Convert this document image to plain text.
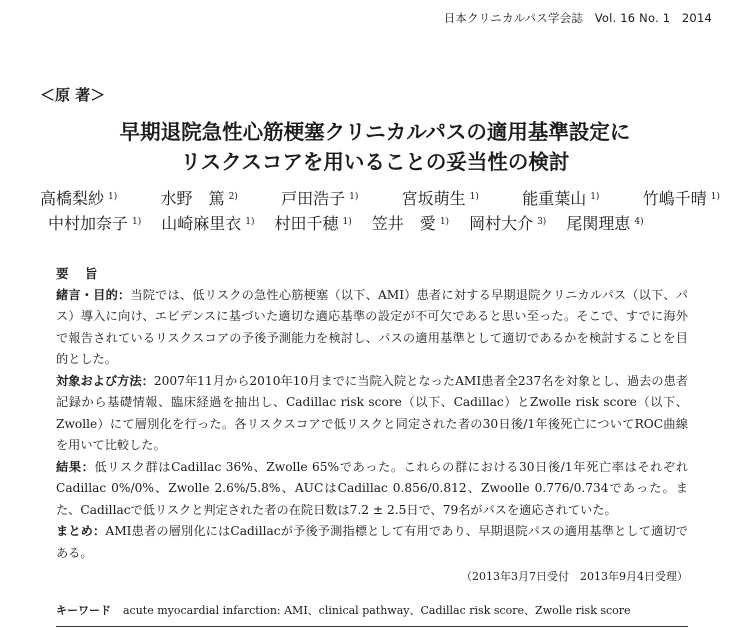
日本クリニカルパス学会誌　Vol. 16 No. 1　2014
＜原 著＞
早期退院急性心筋梗塞クリニカルパスの適用基準設定に
リスクスコアを用いることの妥当性の検討
高橋梨紗 $^{1)}$	水野　篤 $^{2)}$	戸田浩子 $^{1)}$	宮坂萌生 $^{1)}$	能重葉山 $^{1)}$	竹嶋千晴 $^{1)}$
中村加奈子 $^{1)}$ 山崎麻里衣 $^{1)}$ 村田千穂 $^{1)}$ 笠井　愛 $^{1)}$ 岡村大介 $^{3)}$ 尾関理恵 $^{4)}$
要 旨

緒言・目的：当院では、低リスクの急性心筋梗塞（以下、AMI）患者に対する早期退院クリニカルパス（以下、パス）導入に向け、エビデンスに基づいた適切な適応基準の設定が不可欠であると思い至った。そこで、すでに海外で報告されているリスクスコアの予後予測能力を検討し、パスの適用基準として適切であるかを検討することを目的とした。

対象および方法：2007年11月から2010年10月までに当院入院となったAMI患者全237名を対象とし、過去の患者記録から基礎情報、臨床経過を抽出し、Cadillac risk score（以下、Cadillac）とZwolle risk score（以下、Zwolle）にて層別化を行った。各リスクスコアで低リスクと同定された者の30日後/1年後死亡についてROC曲線を用いて比較した。

結果：低リスク群はCadillac 36%、Zwolle 65%であった。これらの群における30日後/1年死亡率はそれぞれCadillac 0%/0%、Zwolle 2.6%/5.8%、AUCはCadillac 0.856/0.812、Zwoolle 0.776/0.734であった。また、Cadillacで低リスクと判定された者の在院日数は7.2 ± 2.5日で、79名がパスを適応されていた。

まとめ：AMI患者の層別化にはCadillacが予後予測指標として有用であり、早期退院パスの適用基準として適切である。

（2013年3月7日受付　2013年9月4日受理）
キーワード acute myocardial infarction: AMI、clinical pathway、Cadillac risk score、Zwolle risk score
